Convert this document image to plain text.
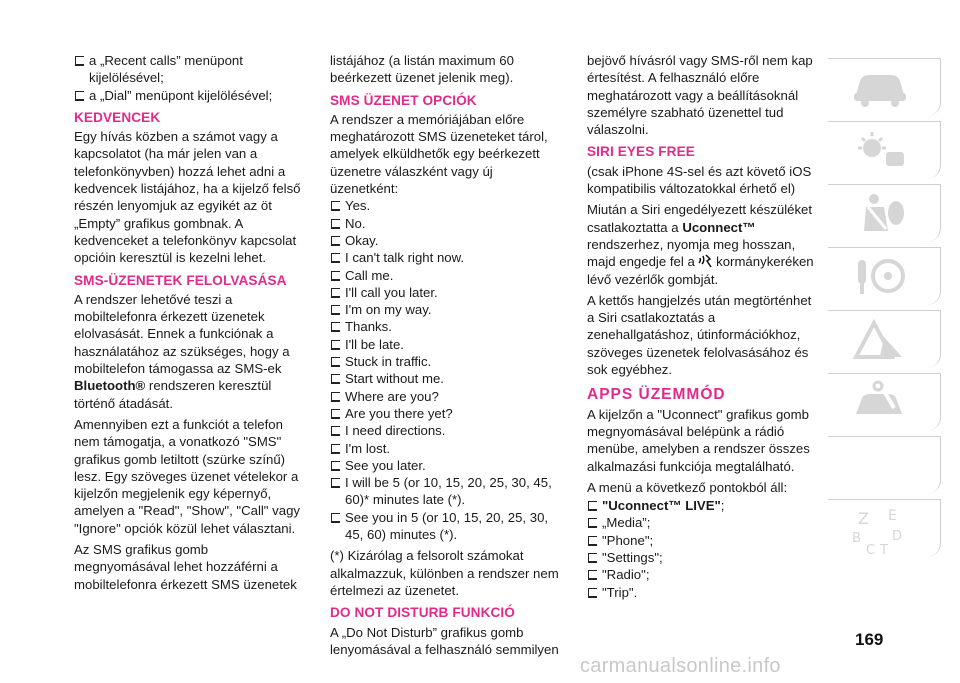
a „Recent calls” menüpont kijelölésével;

a „Dial” menüpont kijelölésével;

KEDVENCEK

Egy hívás közben a számot vagy a kapcsolatot (ha már jelen van a telefonkönyvben) hozzá lehet adni a kedvencek listájához, ha a kijelző felső részén lenyomjuk az egyikét az öt „Empty” grafikus gombnak. A kedvenceket a telefonkönyv kapcsolat opcióin keresztül is kezelni lehet.

SMS-ÜZENETEK FELOLVASÁSA

A rendszer lehetővé teszi a mobiltelefonra érkezett üzenetek elolvasását. Ennek a funkciónak a használatához az szükséges, hogy a mobiltelefon támogassa az SMS-ek Bluetooth® rendszeren keresztül történő átadását.

Amennyiben ezt a funkciót a telefon nem támogatja, a vonatkozó "SMS" grafikus gomb letiltott (szürke színű) lesz. Egy szöveges üzenet vételekor a kijelzőn megjelenik egy képernyő, amelyen a "Read", "Show", "Call" vagy "Ignore" opciók közül lehet választani.

Az SMS grafikus gomb megnyomásával lehet hozzáférni a mobiltelefonra érkezett SMS üzenetek

listájához (a listán maximum 60 beérkezett üzenet jelenik meg).

SMS ÜZENET OPCIÓK

A rendszer a memóriájában előre meghatározott SMS üzeneteket tárol, amelyek elküldhetők egy beérkezett üzenetre válaszként vagy új üzenetként:

Yes.

No.

Okay.

I can't talk right now.

Call me.

I'll call you later.

I'm on my way.

Thanks.

I'll be late.

Stuck in traffic.

Start without me.

Where are you?

Are you there yet?

I need directions.

I'm lost.

See you later.

I will be 5 (or 10, 15, 20, 25, 30, 45, 60)* minutes late (*).

See you in 5 (or 10, 15, 20, 25, 30, 45, 60) minutes (*).

(*) Kizárólag a felsorolt számokat alkalmazzuk, különben a rendszer nem értelmezi az üzenetet.

DO NOT DISTURB FUNKCIÓ

A „Do Not Disturb” grafikus gomb lenyomásával a felhasználó semmilyen

bejövő hívásról vagy SMS-ről nem kap értesítést. A felhasználó előre meghatározott vagy a beállításoknál személyre szabható üzenettel tud válaszolni.

SIRI EYES FREE

(csak iPhone 4S-sel és azt követő iOS kompatibilis változatokkal érhető el)

Miután a Siri engedélyezett készüléket csatlakoztatta a Uconnect™ rendszerhez, nyomja meg hosszan, majd engedje fel a kormánykeréken lévő vezérlők gombját.

A kettős hangjelzés után megtörténhet a Siri csatlakoztatás a zenehallgatáshoz, útinformációkhoz, szöveges üzenetek felolvasásához és sok egyébhez.

APPS ÜZEMMÓD

A kijelzőn a "Uconnect" grafikus gomb megnyomásával belépünk a rádió menübe, amelyben a rendszer összes alkalmazási funkciója megtalálható.

A menü a következő pontokból áll:

"Uconnect™ LIVE";

„Media”;

"Phone";

"Settings";

"Radio";

"Trip".

Z E
B D
C T
169
carmanualsonline.info
